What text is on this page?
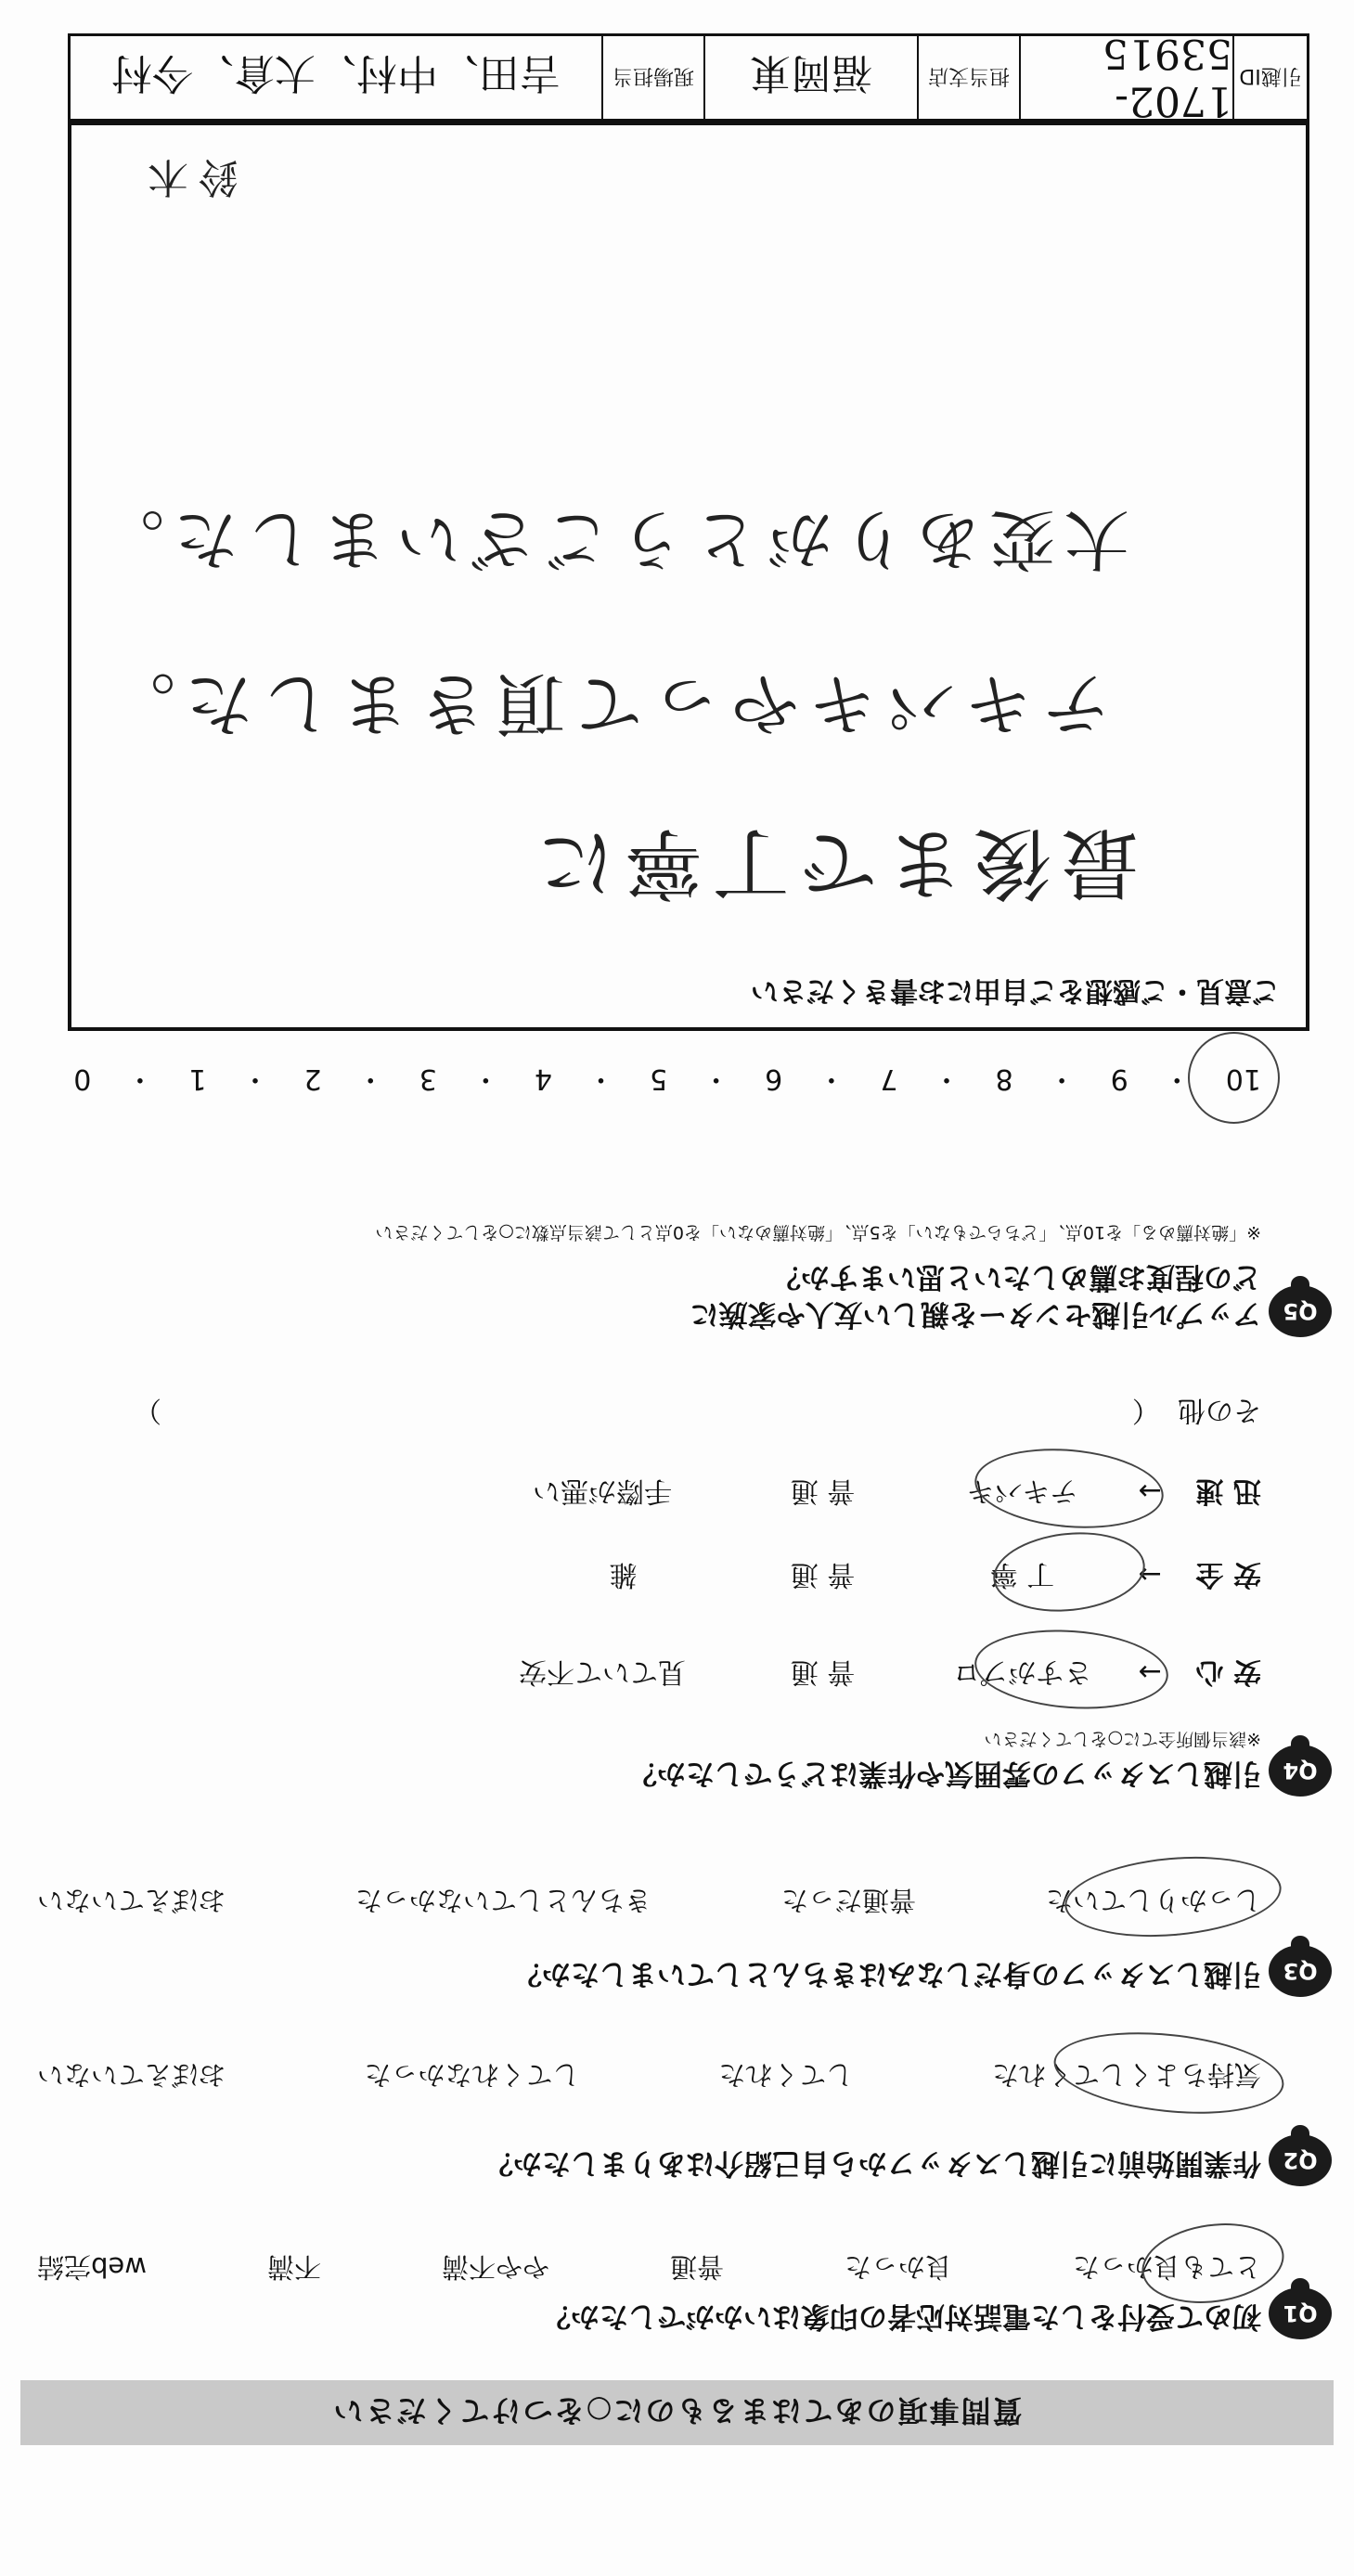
質問事項のあてはまるものに○をつけてください
Q1
初めて受付をした電話対応者の印象はいかがでしたか？
とても良かった
良かった
普通
やや不満
不満
web完結
Q2
作業開始前に引越しスタッフから自己紹介はありましたか？
気持ちよくしてくれた
してくれた
してくれなかった
おぼえていない
Q3
引越しスタッフの身だしなみはきちんとしていましたか？
しっかりしていた
普通だった
きちんとしていなかった
おぼえていない
Q4
引越しスタッフの雰囲気や作業はどうでしたか？
※該当個所全てに○をしてください
安 心
→
さすがプロ
普 通
見ていて不安
安 全
→
丁 寧
普 通
雑
迅 速
→
テキパキ
普 通
手際が悪い
その他  （
）
Q5
アップル引越センターを親しい友人や家族に
どの程度お薦めしたいと思いますか？
※「絶対薦める」を10点、「どちらでもない」を5点、「絶対薦めない」を0点として該当点数に○をしてください
10
・
9
・
8
・
7
・
6
・
5
・
4
・
3
・
2
・
1
・
0
ご意見・ご感想をご自由にお書きください
最後まで丁寧に
テキパキやって頂きました。
大変ありがとうございました。
鈴木
引越ID
1702-53915
担当支店
福岡東
現場担当
吉田、中村、大倉、今村
